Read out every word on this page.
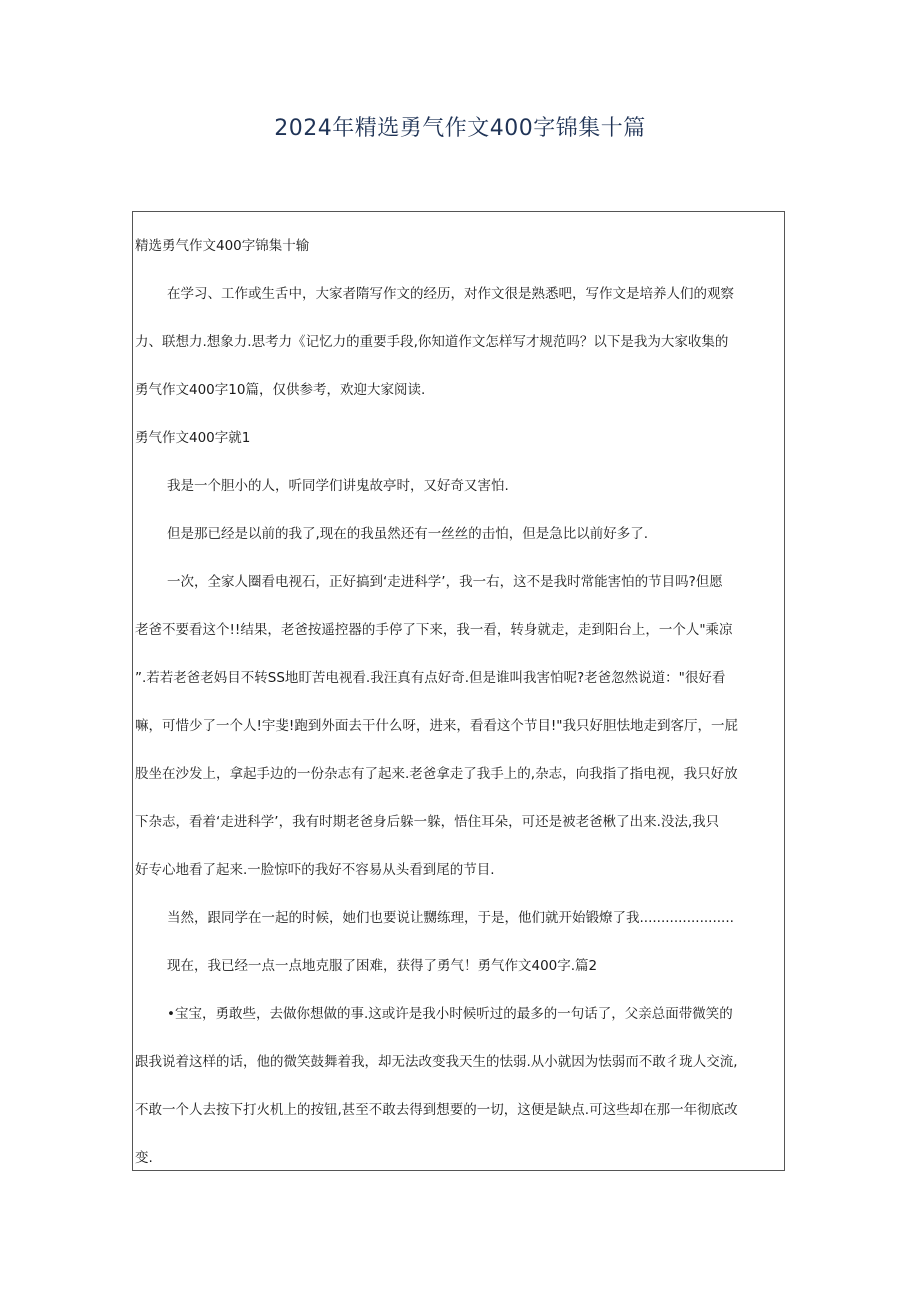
2024年精选勇气作文400字锦集十篇
精选勇气作文400字锦集十输
在学习、工作或生舌中，大家者隋写作文的经历，对作文很是熟悉吧，写作文是培养人们的观察
力、联想力.想象力.思考力《记忆力的重要手段,你知道作文怎样写才规范吗？以下是我为大家收集的
勇气作文400字10篇，仅供参考，欢迎大家阅读.
勇气作文400字就1
我是一个胆小的人，听同学们讲鬼故亭时，又好奇又害怕.
但是那已经是以前的我了,现在的我虽然还有一丝丝的击怕，但是急比以前好多了.
一次，全家人圈看电视石，正好搞到‘走进科学’，我一右，这不是我时常能害怕的节目吗?但愿
老爸不要看这个!!结果，老爸按遥控器的手停了下来，我一看，转身就走，走到阳台上，一个人"乘凉
”.若若老爸老妈目不转SS地盯苦电视看.我汪真有点好奇.但是谁叫我害怕呢?老爸忽然说道："很好看
嘛，可惜少了一个人!宇斐!跑到外面去干什么呀，进来，看看这个节目!"我只好胆怯地走到客厅，一屁
股坐在沙发上，拿起手边的一份杂志有了起来.老爸拿走了我手上的,杂志，向我指了指电视，我只好放
下杂志，看着‘走进科学’，我有时期老爸身后躲一躲，悟住耳朵，可还是被老爸楸了出来.没法,我只
好专心地看了起来.一脸惊吓的我好不容易从头看到尾的节目.
当然，跟同学在一起的时候，她们也要说让嬲练理，于是，他们就开始锻燎了我......................
现在，我已经一点一点地克服了困难，获得了勇气！勇气作文400字.篇2
•宝宝，勇敢些，去做你想做的事.这或许是我小时候听过的最多的一句话了，父亲总面带微笑的
跟我说着这样的话，他的微笑鼓舞着我，却无法改变我天生的怯弱.从小就因为怯弱而不敢彳珑人交流,
不敢一个人去按下打火机上的按钮,甚至不敢去得到想要的一切，这便是缺点.可这些却在那一年彻底改
变.
